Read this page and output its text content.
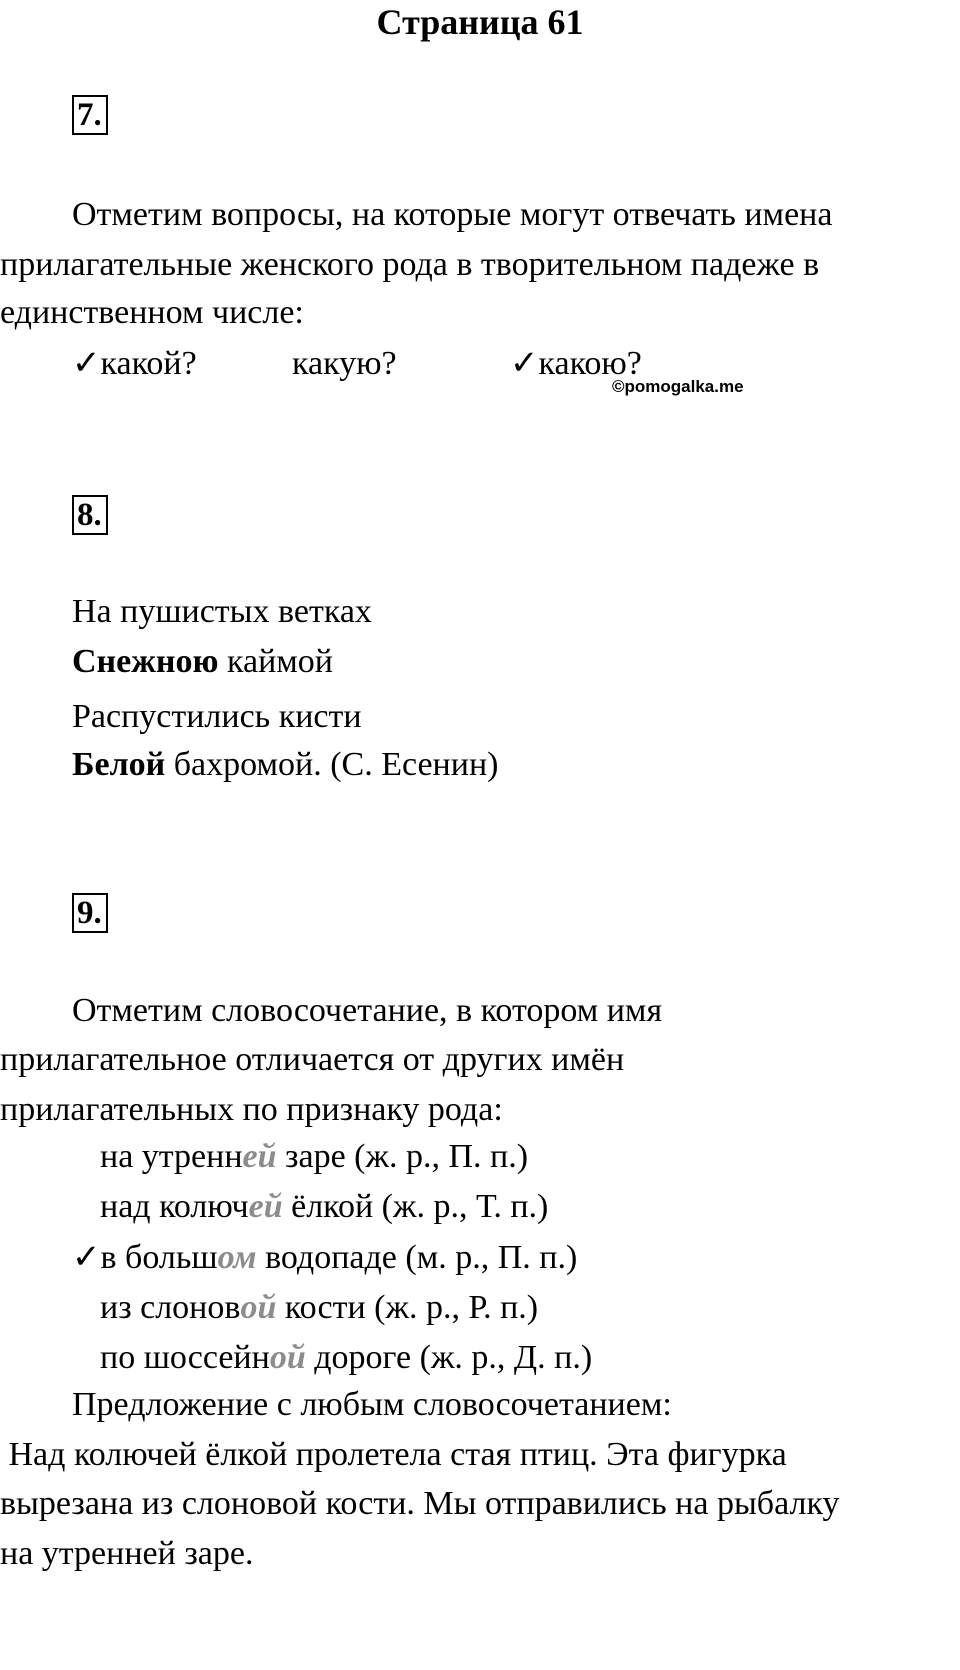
Страница 61
7.
Отметим вопросы, на которые могут отвечать имена
прилагательные женского рода в творительном падеже в
единственном числе:
✓какой?	какую?	✓какою?
©pomogalka.me
8.
На пушистых ветках
Снежною каймой
Распустились кисти
Белой бахромой. (С. Есенин)
9.
Отметим словосочетание, в котором имя
прилагательное отличается от других имён
прилагательных по признаку рода:
на утренней заре (ж. р., П. п.)
над колючей ёлкой (ж. р., Т. п.)
✓в большом водопаде (м. р., П. п.)
из слоновой кости (ж. р., Р. п.)
по шоссейной дороге (ж. р., Д. п.)
Предложение с любым словосочетанием:
Над колючей ёлкой пролетела стая птиц. Эта фигурка
вырезана из слоновой кости. Мы отправились на рыбалку
на утренней заре.
